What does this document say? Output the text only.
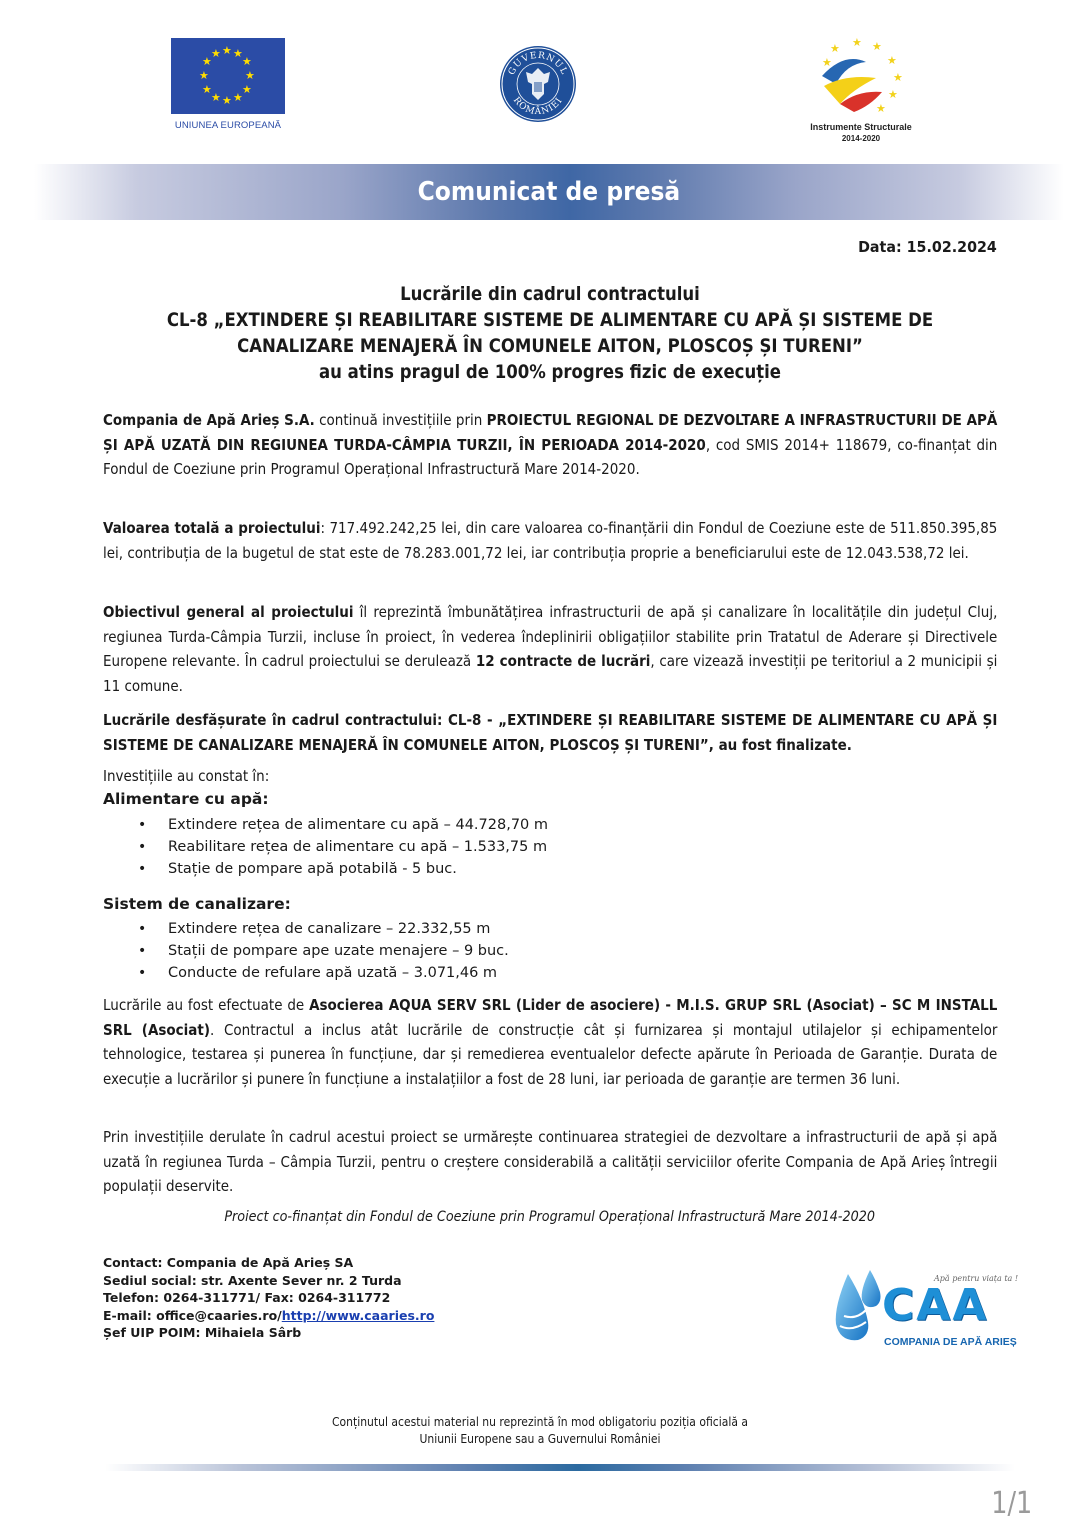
★ ★
★
★
★
★
★
★
★
★
★
★
UNIUNEA EUROPEANĂ
GUVERNUL
ROMÂNIEI
★ ★ ★
★
★
★
★
★
Instrumente Structurale
2014-2020
Comunicat de presă
Data: 15.02.2024
Lucrările din cadrul contractului
CL-8 „EXTINDERE ȘI REABILITARE SISTEME DE ALIMENTARE CU APĂ ȘI SISTEME DE
CANALIZARE MENAJERĂ ÎN COMUNELE AITON, PLOSCOȘ ȘI TURENI”
au atins pragul de 100% progres fizic de execuție
Compania de Apă Arieș S.A. continuă investițiile prin PROIECTUL REGIONAL DE DEZVOLTARE A INFRASTRUCTURII DE APĂ ȘI APĂ UZATĂ DIN REGIUNEA TURDA-CÂMPIA TURZII, ÎN PERIOADA 2014-2020, cod SMIS 2014+ 118679, co-finanțat din Fondul de Coeziune prin Programul Operațional Infrastructură Mare 2014-2020.
Valoarea totală a proiectului: 717.492.242,25 lei, din care valoarea co-finanțării din Fondul de Coeziune este de 511.850.395,85 lei, contribuția de la bugetul de stat este de 78.283.001,72 lei, iar contribuția proprie a beneficiarului este de 12.043.538,72 lei.
Obiectivul general al proiectului îl reprezintă îmbunătățirea infrastructurii de apă și canalizare în localitățile din județul Cluj, regiunea Turda-Câmpia Turzii, incluse în proiect, în vederea îndeplinirii obligațiilor stabilite prin Tratatul de Aderare și Directivele Europene relevante. În cadrul proiectului se derulează 12 contracte de lucrări, care vizează investiții pe teritoriul a 2 municipii și 11 comune.
Lucrările desfășurate în cadrul contractului: CL-8 - „EXTINDERE ȘI REABILITARE SISTEME DE ALIMENTARE CU APĂ ȘI SISTEME DE CANALIZARE MENAJERĂ ÎN COMUNELE AITON, PLOSCOȘ ȘI TURENI”, au fost finalizate.
Investițiile au constat în:
Alimentare cu apă:
• Extindere rețea de alimentare cu apă – 44.728,70 m
• Reabilitare rețea de alimentare cu apă – 1.533,75 m
• Stație de pompare apă potabilă - 5 buc.
Sistem de canalizare:
• Extindere rețea de canalizare – 22.332,55 m
• Stații de pompare ape uzate menajere – 9 buc.
• Conducte de refulare apă uzată – 3.071,46 m
Lucrările au fost efectuate de Asocierea AQUA SERV SRL (Lider de asociere) - M.I.S. GRUP SRL (Asociat) – SC M INSTALL SRL (Asociat). Contractul a inclus atât lucrările de construcție cât și furnizarea și montajul utilajelor și echipamentelor tehnologice, testarea și punerea în funcțiune, dar și remedierea eventualelor defecte apărute în Perioada de Garanție. Durata de execuție a lucrărilor și punere în funcțiune a instalațiilor a fost de 28 luni, iar perioada de garanție are termen 36 luni.
Prin investițiile derulate în cadrul acestui proiect se urmărește continuarea strategiei de dezvoltare a infrastructurii de apă și apă uzată în regiunea Turda – Câmpia Turzii, pentru o creștere considerabilă a calității serviciilor oferite Compania de Apă Arieș întregii populații deservite.
Proiect co-finanțat din Fondul de Coeziune prin Programul Operațional Infrastructură Mare 2014-2020
Contact: Compania de Apă Arieș SA
Sediul social: str. Axente Sever nr. 2 Turda
Telefon: 0264-311771/ Fax: 0264-311772
E-mail: office@caaries.ro/http://www.caaries.ro
Șef UIP POIM: Mihaiela Sârb
Apă pentru viața ta !
CAA
COMPANIA DE APĂ ARIEȘ
Conținutul acestui material nu reprezintă în mod obligatoriu poziția oficială a
Uniunii Europene sau a Guvernului României
1/1
